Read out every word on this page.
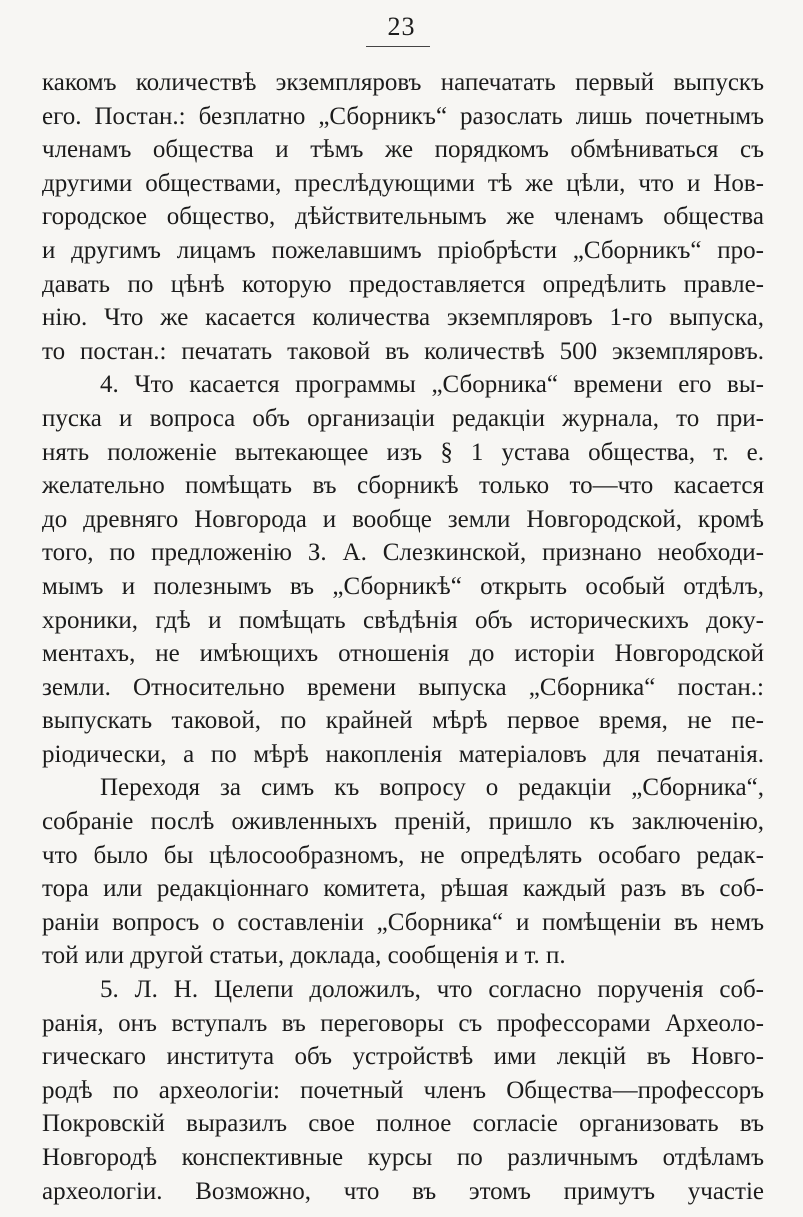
23
какомъ количествѣ экземпляровъ напечатать первый выпускъ
его. Постан.: безплатно „Сборникъ“ разослать лишь почетнымъ
членамъ общества и тѣмъ же порядкомъ обмѣниваться съ
другими обществами, преслѣдующими тѣ же цѣли, что и Нов-
городское общество, дѣйствительнымъ же членамъ общества
и другимъ лицамъ пожелавшимъ пріобрѣсти „Сборникъ“ про-
давать по цѣнѣ которую предоставляется опредѣлить правле-
нію. Что же касается количества экземпляровъ 1-го выпуска,
то постан.: печатать таковой въ количествѣ 500 экземпляровъ.
4. Что касается программы „Сборника“ времени его вы-
пуска и вопроса объ организаціи редакціи журнала, то при-
нять положеніе вытекающее изъ § 1 устава общества, т. е.
желательно помѣщать въ сборникѣ только то—что касается
до древняго Новгорода и вообще земли Новгородской, кромѣ
того, по предложенію З. А. Слезкинской, признано необходи-
мымъ и полезнымъ въ „Сборникѣ“ открыть особый отдѣлъ,
хроники, гдѣ и помѣщать свѣдѣнія объ историческихъ доку-
ментахъ, не имѣющихъ отношенія до исторіи Новгородской
земли. Относительно времени выпуска „Сборника“ постан.:
выпускать таковой, по крайней мѣрѣ первое время, не пе-
ріодически, а по мѣрѣ накопленія матеріаловъ для печатанія.
Переходя за симъ къ вопросу о редакціи „Сборника“,
собраніе послѣ оживленныхъ преній, пришло къ заключенію,
что было бы цѣлосообразномъ, не опредѣлять особаго редак-
тора или редакціоннаго комитета, рѣшая каждый разъ въ соб-
раніи вопросъ о составленіи „Сборника“ и помѣщеніи въ немъ
той или другой статьи, доклада, сообщенія и т. п.
5. Л. Н. Целепи доложилъ, что согласно порученія соб-
ранія, онъ вступалъ въ переговоры съ профессорами Археоло-
гическаго института объ устройствѣ ими лекцій въ Новго-
родѣ по археологіи: почетный членъ Общества—профессоръ
Покровскій выразилъ свое полное согласіе организовать въ
Новгородѣ конспективные курсы по различнымъ отдѣламъ
археологіи. Возможно, что въ этомъ примутъ участіе
